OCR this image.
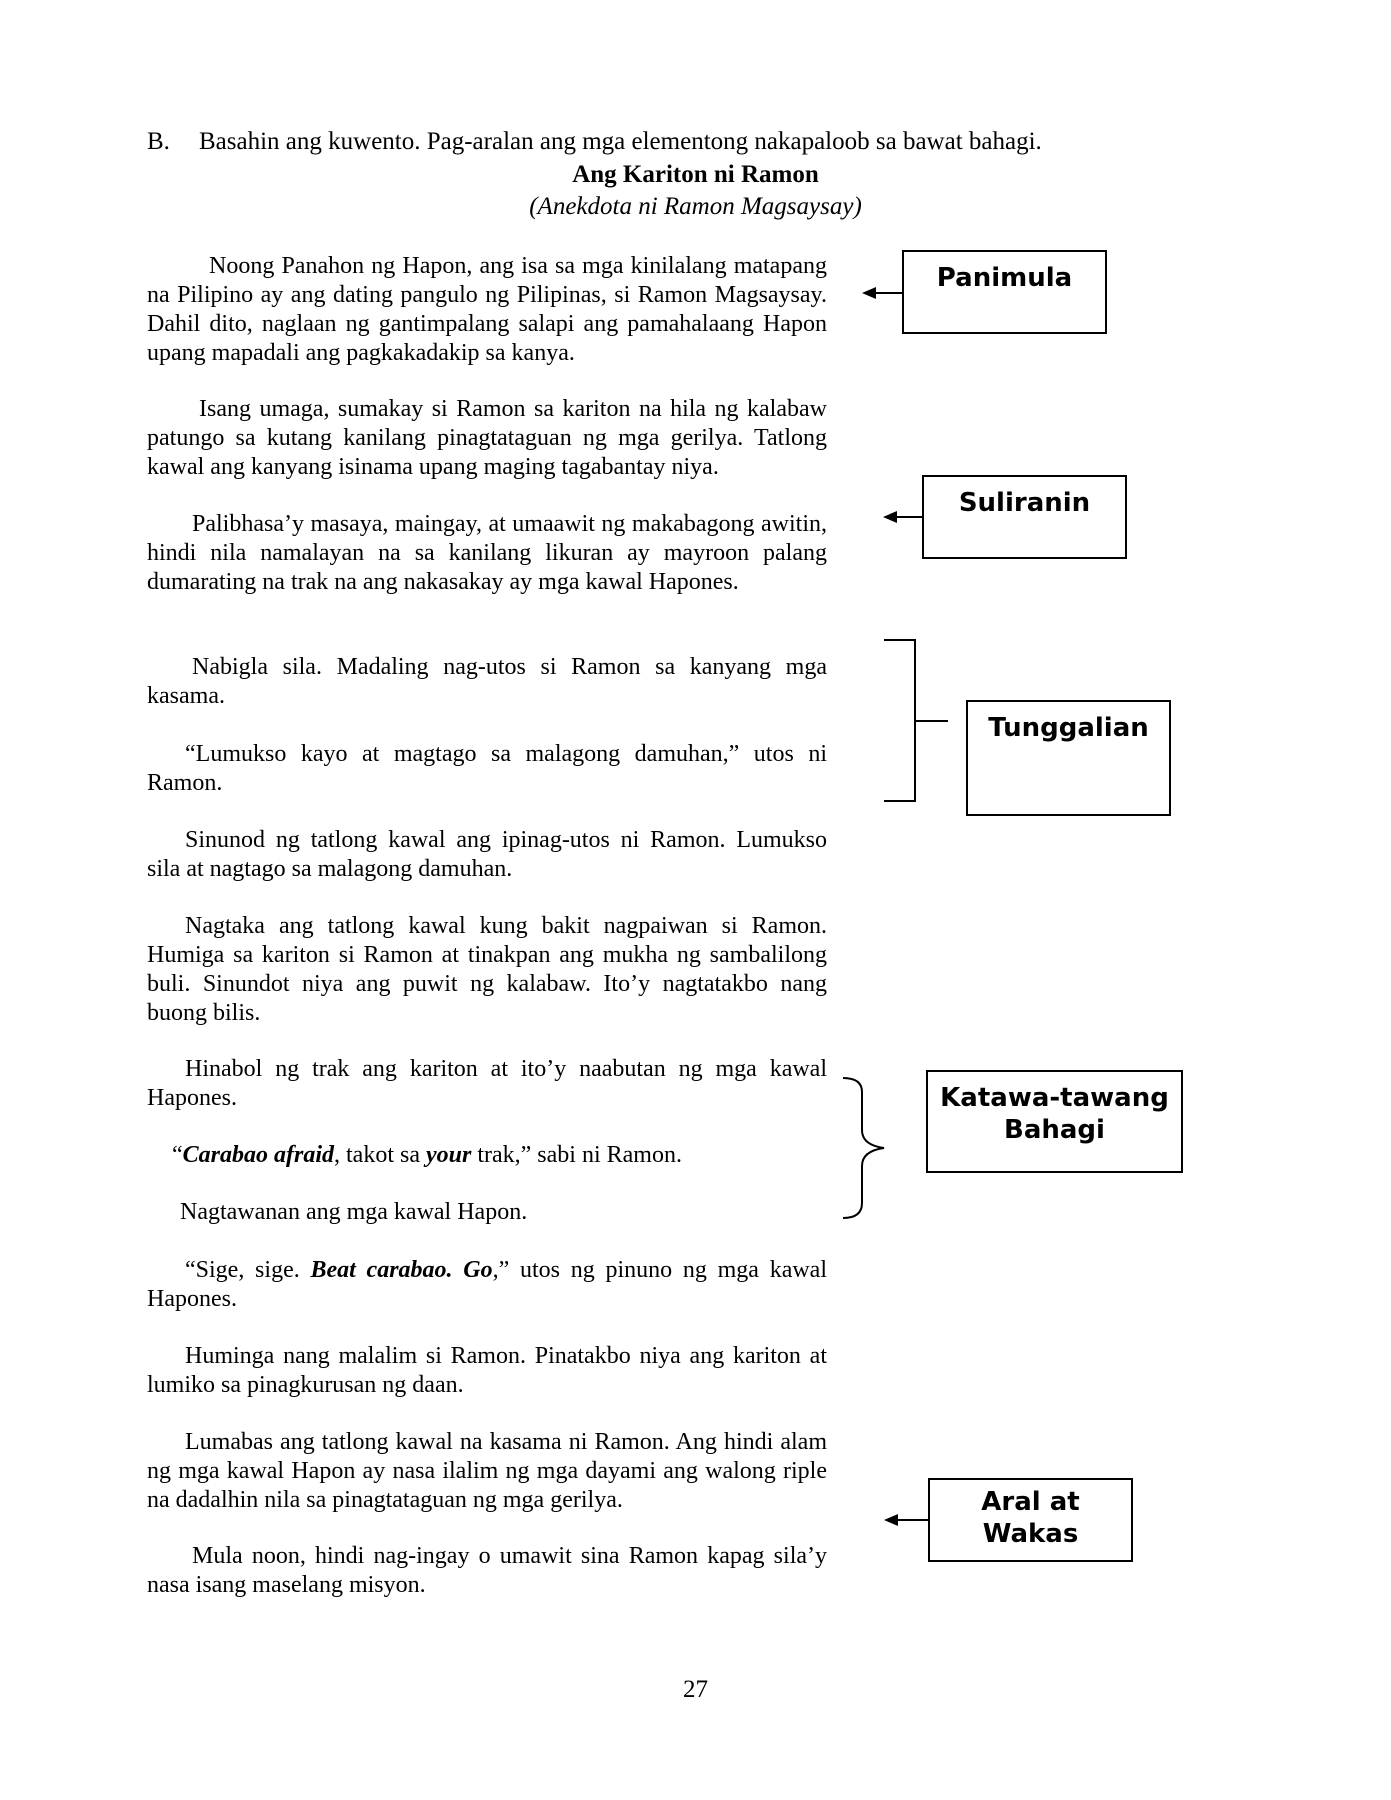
B. Basahin ang kuwento. Pag-aralan ang mga elementong nakapaloob sa bawat bahagi.
Ang Kariton ni Ramon
(Anekdota ni Ramon Magsaysay)

Noong Panahon ng Hapon, ang isa sa mga kinilalang matapang na Pilipino ay ang dating pangulo ng Pilipinas, si Ramon Magsaysay. Dahil dito, naglaan ng gantimpalang salapi ang pamahalaang Hapon upang mapadali ang pagkakadakip sa kanya.

Isang umaga, sumakay si Ramon sa kariton na hila ng kalabaw patungo sa kutang kanilang pinagtataguan ng mga gerilya. Tatlong kawal ang kanyang isinama upang maging tagabantay niya.

Palibhasa’y masaya, maingay, at umaawit ng makabagong awitin, hindi nila namalayan na sa kanilang likuran ay mayroon palang dumarating na trak na ang nakasakay ay mga kawal Hapones.

Nabigla sila. Madaling nag-utos si Ramon sa kanyang mga kasama.

“Lumukso kayo at magtago sa malagong damuhan,” utos ni Ramon.

Sinunod ng tatlong kawal ang ipinag-utos ni Ramon. Lumukso sila at nagtago sa malagong damuhan.

Nagtaka ang tatlong kawal kung bakit nagpaiwan si Ramon. Humiga sa kariton si Ramon at tinakpan ang mukha ng sambalilong buli. Sinundot niya ang puwit ng kalabaw. Ito’y nagtatakbo nang buong bilis.

Hinabol ng trak ang kariton at ito’y naabutan ng mga kawal Hapones.

“Carabao afraid, takot sa your trak,” sabi ni Ramon.

Nagtawanan ang mga kawal Hapon.

“Sige, sige. Beat carabao. Go,” utos ng pinuno ng mga kawal Hapones.

Huminga nang malalim si Ramon. Pinatakbo niya ang kariton at lumiko sa pinagkurusan ng daan.

Lumabas ang tatlong kawal na kasama ni Ramon. Ang hindi alam ng mga kawal Hapon ay nasa ilalim ng mga dayami ang walong riple na dadalhin nila sa pinagtataguan ng mga gerilya.

Mula noon, hindi nag-ingay o umawit sina Ramon kapag sila’y nasa isang maselang misyon.

Panimula
Suliranin
Tunggalian
Katawa-tawang
Bahagi
Aral at
Wakas
27
